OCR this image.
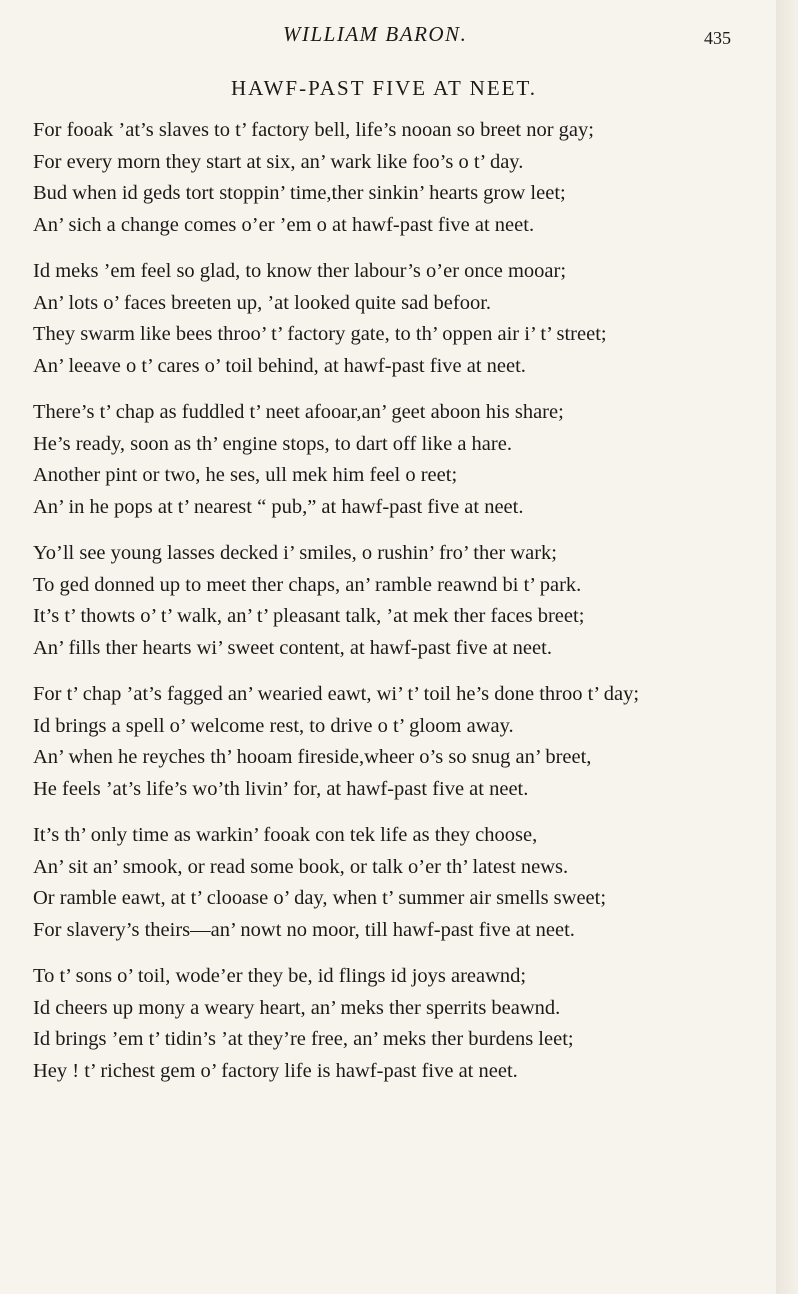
WILLIAM BARON.	435
HAWF-PAST FIVE AT NEET.
For fooak ’at’s slaves to t’ factory bell, life’s nooan so breet nor gay;
For every morn they start at six, an’ wark like foo’s o t’ day.
Bud when id geds tort stoppin’ time,ther sinkin’ hearts grow leet;
An’ sich a change comes o’er ’em o at hawf-past five at neet.
Id meks ’em feel so glad, to know ther labour’s o’er once mooar;
An’ lots o’ faces breeten up, ’at looked quite sad befoor.
They swarm like bees throo’ t’ factory gate, to th’ oppen air i’ t’ street;
An’ leeave o t’ cares o’ toil behind, at hawf-past five at neet.
There’s t’ chap as fuddled t’ neet afooar,an’ geet aboon his share;
He’s ready, soon as th’ engine stops, to dart off like a hare.
Another pint or two, he ses, ull mek him feel o reet;
An’ in he pops at t’ nearest “ pub,” at hawf-past five at neet.
Yo’ll see young lasses decked i’ smiles, o rushin’ fro’ ther wark;
To ged donned up to meet ther chaps, an’ ramble reawnd bi t’ park.
It’s t’ thowts o’ t’ walk, an’ t’ pleasant talk, ’at mek ther faces breet;
An’ fills ther hearts wi’ sweet content, at hawf-past five at neet.
For t’ chap ’at’s fagged an’ wearied eawt, wi’ t’ toil he’s done throo t’ day;
Id brings a spell o’ welcome rest, to drive o t’ gloom away.
An’ when he reyches th’ hooam fireside,wheer o’s so snug an’ breet,
He feels ’at’s life’s wo’th livin’ for, at hawf-past five at neet.
It’s th’ only time as warkin’ fooak con tek life as they choose,
An’ sit an’ smook, or read some book, or talk o’er th’ latest news.
Or ramble eawt, at t’ clooase o’ day, when t’ summer air smells sweet;
For slavery’s theirs—an’ nowt no moor, till hawf-past five at neet.
To t’ sons o’ toil, wode’er they be, id flings id joys areawnd;
Id cheers up mony a weary heart, an’ meks ther sperrits beawnd.
Id brings ’em t’ tidin’s ’at they’re free, an’ meks ther burdens leet;
Hey ! t’ richest gem o’ factory life is hawf-past five at neet.
